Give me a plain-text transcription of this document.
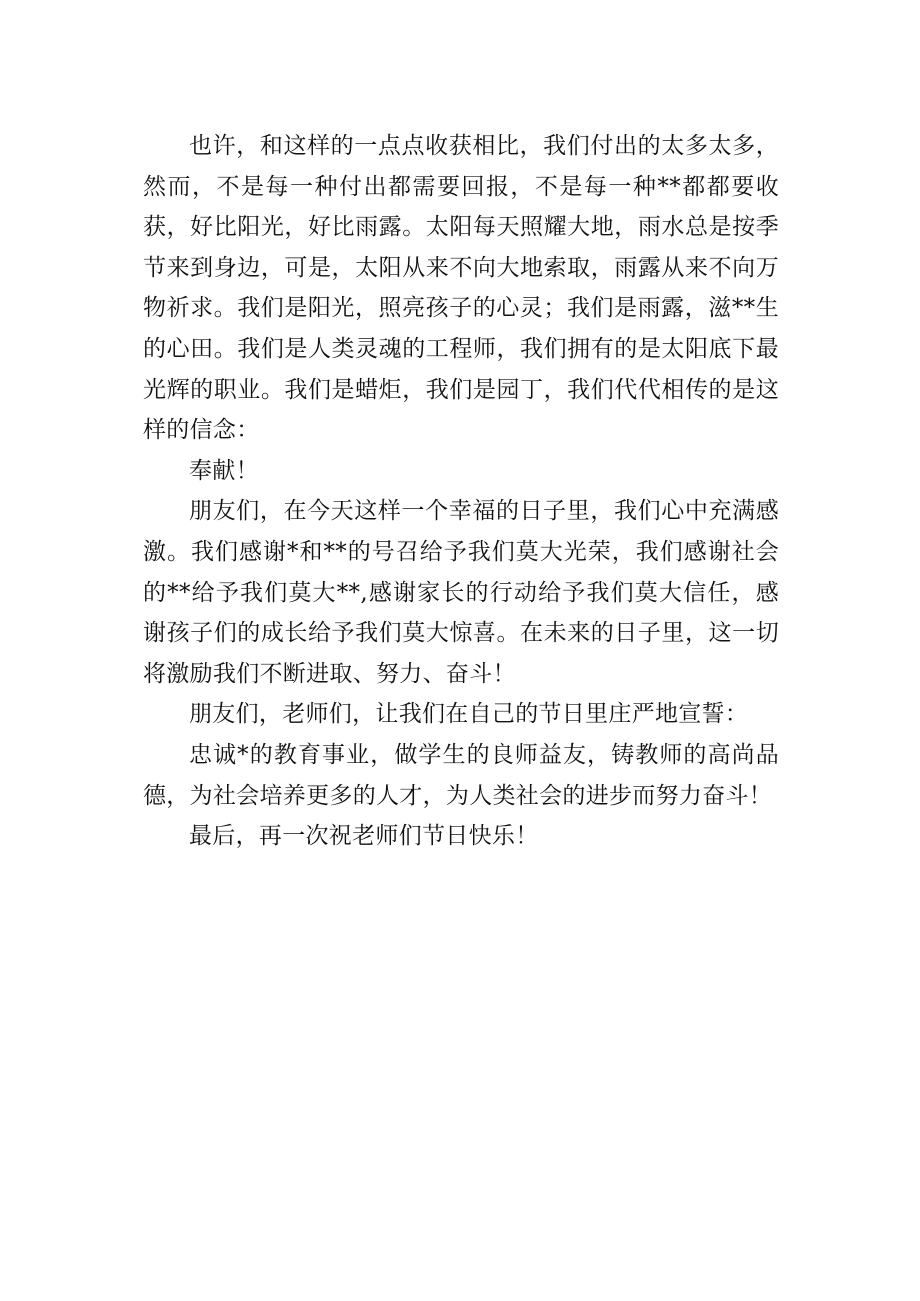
也许，和这样的一点点收获相比，我们付出的太多太多，然而，不是每一种付出都需要回报，不是每一种**都都要收获，好比阳光，好比雨露。太阳每天照耀大地，雨水总是按季节来到身边，可是，太阳从来不向大地索取，雨露从来不向万物祈求。我们是阳光，照亮孩子的心灵；我们是雨露，滋**生的心田。我们是人类灵魂的工程师，我们拥有的是太阳底下最光辉的职业。我们是蜡炬，我们是园丁，我们代代相传的是这样的信念：

奉献！

朋友们，在今天这样一个幸福的日子里，我们心中充满感激。我们感谢*和**的号召给予我们莫大光荣，我们感谢社会的**给予我们莫大**,感谢家长的行动给予我们莫大信任，感谢孩子们的成长给予我们莫大惊喜。在未来的日子里，这一切将激励我们不断进取、努力、奋斗！

朋友们，老师们，让我们在自己的节日里庄严地宣誓：

忠诚*的教育事业，做学生的良师益友，铸教师的高尚品德，为社会培养更多的人才，为人类社会的进步而努力奋斗！

最后，再一次祝老师们节日快乐！
